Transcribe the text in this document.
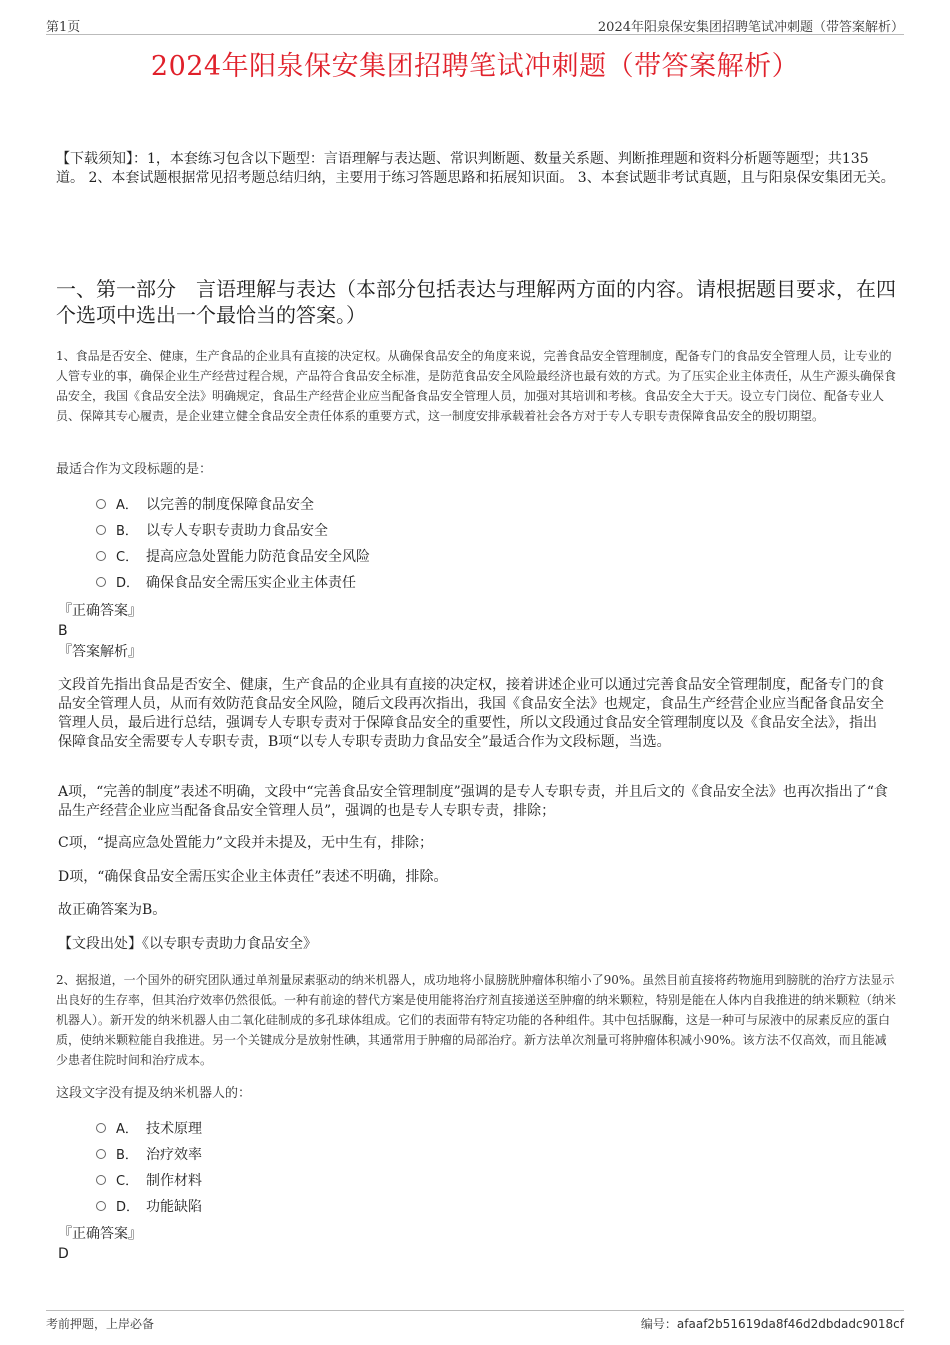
第1页	2024年阳泉保安集团招聘笔试冲刺题（带答案解析）
2024年阳泉保安集团招聘笔试冲刺题（带答案解析）
【下载须知】：1，本套练习包含以下题型：言语理解与表达题、常识判断题、数量关系题、判断推理题和资料分析题等题型；共135道。 2、本套试题根据常见招考题总结归纳，主要用于练习答题思路和拓展知识面。 3、本套试题非考试真题，且与阳泉保安集团无关。
一、第一部分　言语理解与表达（本部分包括表达与理解两方面的内容。请根据题目要求，在四个选项中选出一个最恰当的答案。）
1、食品是否安全、健康，生产食品的企业具有直接的决定权。从确保食品安全的角度来说，完善食品安全管理制度，配备专门的食品安全管理人员，让专业的人管专业的事，确保企业生产经营过程合规，产品符合食品安全标准，是防范食品安全风险最经济也最有效的方式。为了压实企业主体责任，从生产源头确保食品安全，我国《食品安全法》明确规定，食品生产经营企业应当配备食品安全管理人员，加强对其培训和考核。食品安全大于天。设立专门岗位、配备专业人员、保障其专心履责，是企业建立健全食品安全责任体系的重要方式，这一制度安排承载着社会各方对于专人专职专责保障食品安全的殷切期望。
最适合作为文段标题的是：
A． 以完善的制度保障食品安全
B． 以专人专职专责助力食品安全
C． 提高应急处置能力防范食品安全风险
D． 确保食品安全需压实企业主体责任
『正确答案』
B
『答案解析』
文段首先指出食品是否安全、健康，生产食品的企业具有直接的决定权，接着讲述企业可以通过完善食品安全管理制度，配备专门的食品安全管理人员，从而有效防范食品安全风险，随后文段再次指出，我国《食品安全法》也规定，食品生产经营企业应当配备食品安全管理人员，最后进行总结，强调专人专职专责对于保障食品安全的重要性，所以文段通过食品安全管理制度以及《食品安全法》，指出保障食品安全需要专人专职专责，B项“以专人专职专责助力食品安全”最适合作为文段标题，当选。
A项，“完善的制度”表述不明确，文段中“完善食品安全管理制度”强调的是专人专职专责，并且后文的《食品安全法》也再次指出了“食品生产经营企业应当配备食品安全管理人员”，强调的也是专人专职专责，排除；
C项，“提高应急处置能力”文段并未提及，无中生有，排除；
D项，“确保食品安全需压实企业主体责任”表述不明确，排除。
故正确答案为B。
【文段出处】《以专职专责助力食品安全》
2、据报道，一个国外的研究团队通过单剂量尿素驱动的纳米机器人，成功地将小鼠膀胱肿瘤体积缩小了90%。虽然目前直接将药物施用到膀胱的治疗方法显示出良好的生存率，但其治疗效率仍然很低。一种有前途的替代方案是使用能将治疗剂直接递送至肿瘤的纳米颗粒，特别是能在人体内自我推进的纳米颗粒（纳米机器人）。新开发的纳米机器人由二氧化硅制成的多孔球体组成。它们的表面带有特定功能的各种组件。其中包括脲酶，这是一种可与尿液中的尿素反应的蛋白质，使纳米颗粒能自我推进。另一个关键成分是放射性碘，其通常用于肿瘤的局部治疗。新方法单次剂量可将肿瘤体积减小90%。该方法不仅高效，而且能减少患者住院时间和治疗成本。
这段文字没有提及纳米机器人的：
A． 技术原理
B． 治疗效率
C． 制作材料
D． 功能缺陷
『正确答案』
D
考前押题，上岸必备	编号：afaaf2b51619da8f46d2dbdadc9018cf
